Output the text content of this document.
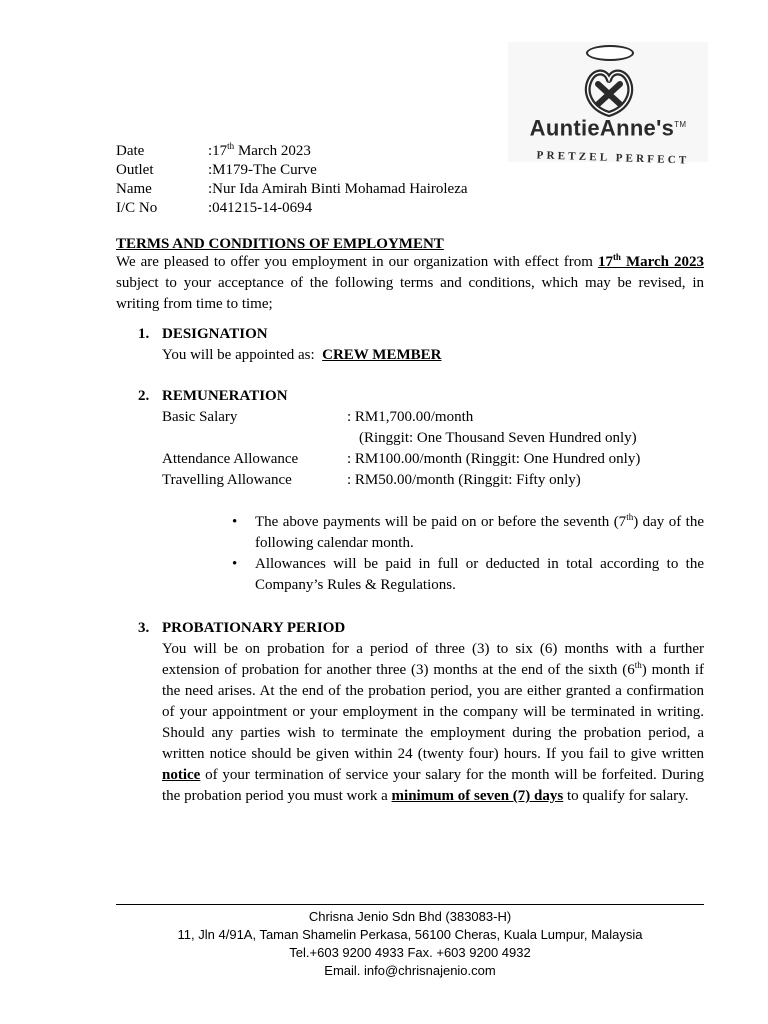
AuntieAnne's™
PRETZEL PERFECT
Date	:17th March 2023
Outlet	:M179-The Curve
Name	:Nur Ida Amirah Binti Mohamad Hairoleza
I/C No	:041215-14-0694
TERMS AND CONDITIONS OF EMPLOYMENT
We are pleased to offer you employment in our organization with effect from 17th March 2023 subject to your acceptance of the following terms and conditions, which may be revised, in writing from time to time;
1. DESIGNATION
You will be appointed as: CREW MEMBER
2. REMUNERATION
Basic Salary	: RM1,700.00/month
(Ringgit: One Thousand Seven Hundred only)
Attendance Allowance	: RM100.00/month (Ringgit: One Hundred only)
Travelling Allowance	: RM50.00/month (Ringgit: Fifty only)
• The above payments will be paid on or before the seventh (7th) day of the following calendar month.
• Allowances will be paid in full or deducted in total according to the Company’s Rules & Regulations.
3. PROBATIONARY PERIOD
You will be on probation for a period of three (3) to six (6) months with a further extension of probation for another three (3) months at the end of the sixth (6th) month if the need arises. At the end of the probation period, you are either granted a confirmation of your appointment or your employment in the company will be terminated in writing. Should any parties wish to terminate the employment during the probation period, a written notice should be given within 24 (twenty four) hours. If you fail to give written notice of your termination of service your salary for the month will be forfeited. During the probation period you must work a minimum of seven (7) days to qualify for salary.
Chrisna Jenio Sdn Bhd (383083-H)
11, Jln 4/91A, Taman Shamelin Perkasa, 56100 Cheras, Kuala Lumpur, Malaysia
Tel.+603 9200 4933 Fax. +603 9200 4932
Email. info@chrisnajenio.com
